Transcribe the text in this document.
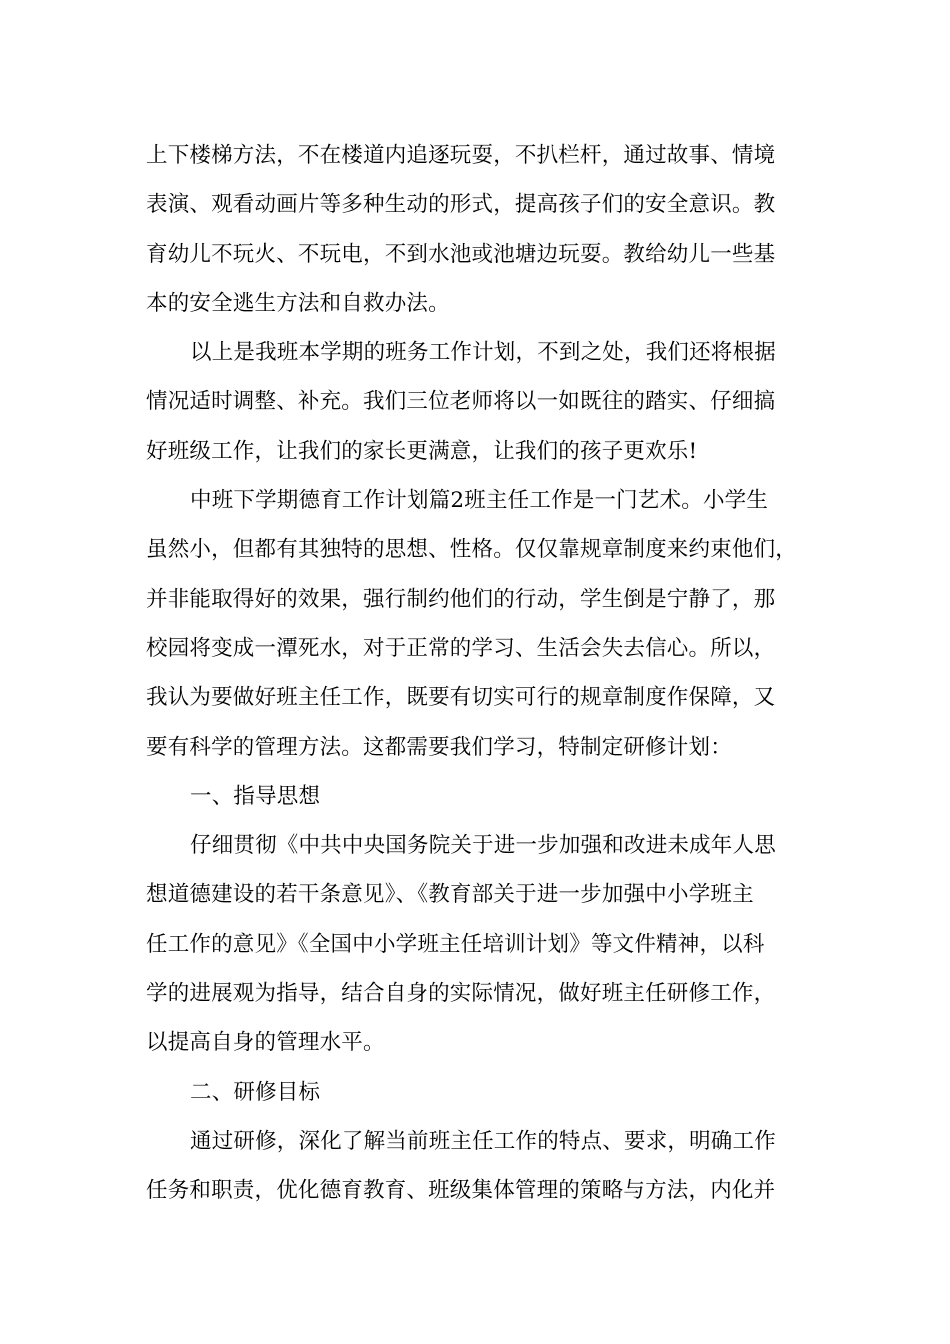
上下楼梯方法，不在楼道内追逐玩耍，不扒栏杆，通过故事、情境
表演、观看动画片等多种生动的形式，提高孩子们的安全意识。教
育幼儿不玩火、不玩电，不到水池或池塘边玩耍。教给幼儿一些基
本的安全逃生方法和自救办法。
以上是我班本学期的班务工作计划，不到之处，我们还将根据
情况适时调整、补充。我们三位老师将以一如既往的踏实、仔细搞
好班级工作，让我们的家长更满意，让我们的孩子更欢乐!
中班下学期德育工作计划篇2班主任工作是一门艺术。小学生
虽然小，但都有其独特的思想、性格。仅仅靠规章制度来约束他们，
并非能取得好的效果，强行制约他们的行动，学生倒是宁静了，那
校园将变成一潭死水，对于正常的学习、生活会失去信心。所以，
我认为要做好班主任工作，既要有切实可行的规章制度作保障，又
要有科学的管理方法。这都需要我们学习，特制定研修计划：
一、指导思想
仔细贯彻《中共中央国务院关于进一步加强和改进未成年人思
想道德建设的若干条意见》、《教育部关于进一步加强中小学班主
任工作的意见》《全国中小学班主任培训计划》等文件精神，以科
学的进展观为指导，结合自身的实际情况，做好班主任研修工作，
以提高自身的管理水平。
二、研修目标
通过研修，深化了解当前班主任工作的特点、要求，明确工作
任务和职责，优化德育教育、班级集体管理的策略与方法，内化并
